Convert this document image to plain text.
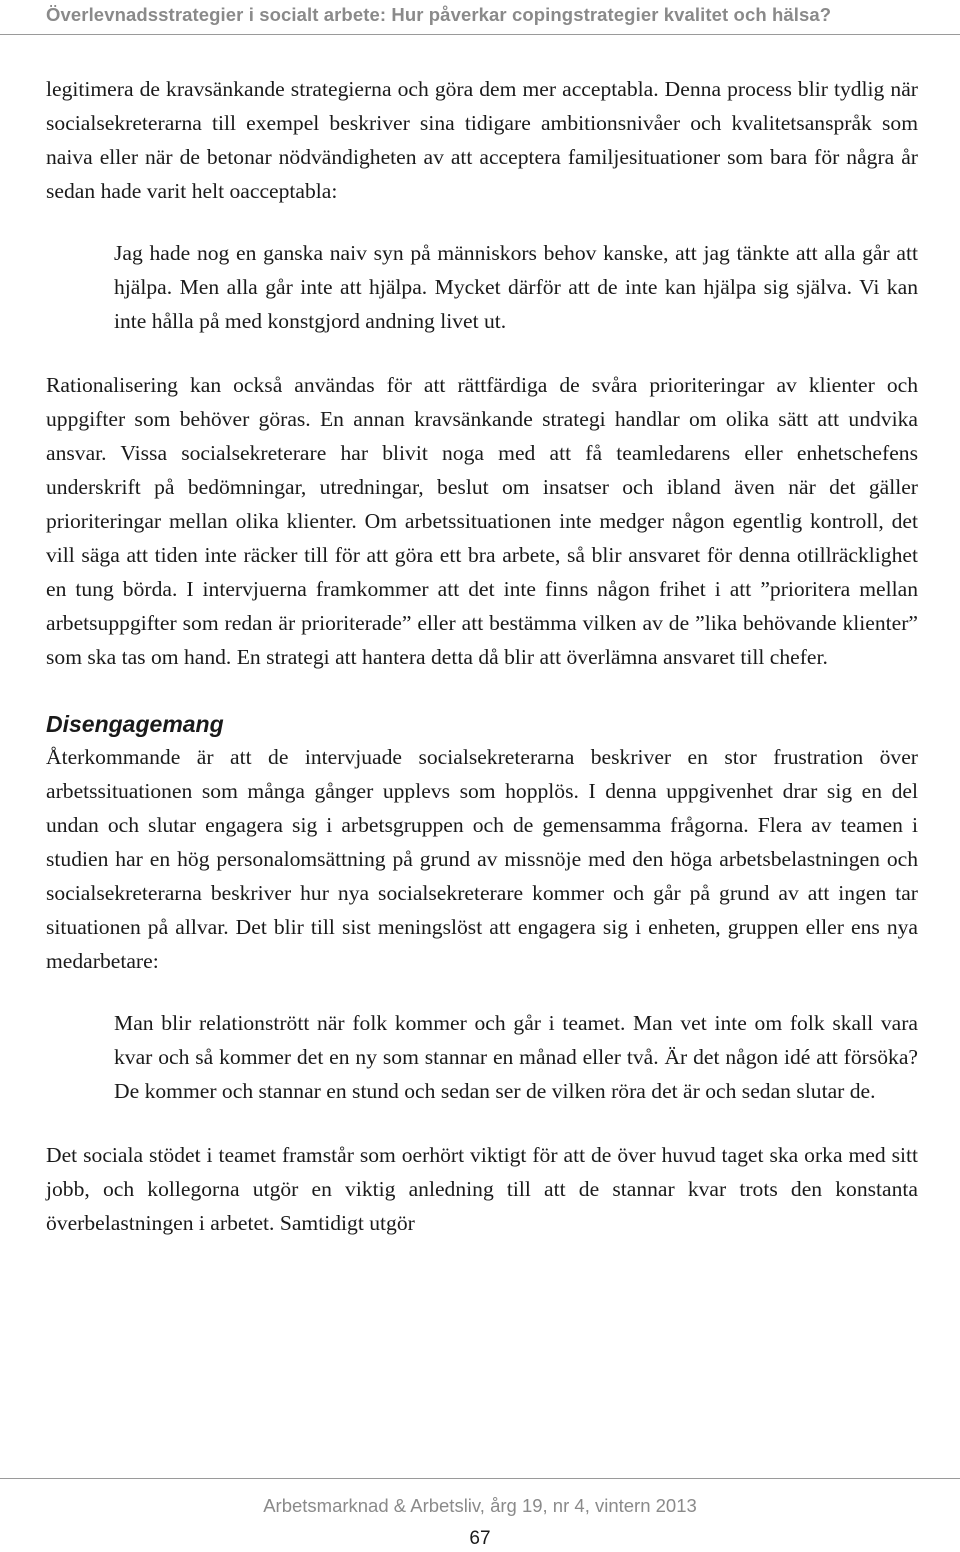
Överlevnadsstrategier i socialt arbete: Hur påverkar copingstrategier kvalitet och hälsa?

legitimera de kravsänkande strategierna och göra dem mer acceptabla. Denna process blir tydlig när socialsekreterarna till exempel beskriver sina tidigare ambitionsnivåer och kvalitetsanspråk som naiva eller när de betonar nödvändigheten av att acceptera familjesituationer som bara för några år sedan hade varit helt oacceptabla:

Jag hade nog en ganska naiv syn på människors behov kanske, att jag tänkte att alla går att hjälpa. Men alla går inte att hjälpa. Mycket därför att de inte kan hjälpa sig själva. Vi kan inte hålla på med konstgjord andning livet ut.

Rationalisering kan också användas för att rättfärdiga de svåra prioriteringar av klienter och uppgifter som behöver göras. En annan kravsänkande strategi handlar om olika sätt att undvika ansvar. Vissa socialsekreterare har blivit noga med att få teamledarens eller enhetschefens underskrift på bedömningar, utredningar, beslut om insatser och ibland även när det gäller prioriteringar mellan olika klienter. Om arbetssituationen inte medger någon egentlig kontroll, det vill säga att tiden inte räcker till för att göra ett bra arbete, så blir ansvaret för denna otillräcklighet en tung börda. I intervjuerna framkommer att det inte finns någon frihet i att ”prioritera mellan arbetsuppgifter som redan är prioriterade” eller att bestämma vilken av de ”lika behövande klienter” som ska tas om hand. En strategi att hantera detta då blir att överlämna ansvaret till chefer.

Disengagemang

Återkommande är att de intervjuade socialsekreterarna beskriver en stor frustration över arbetssituationen som många gånger upplevs som hopplös. I denna uppgivenhet drar sig en del undan och slutar engagera sig i arbetsgruppen och de gemensamma frågorna. Flera av teamen i studien har en hög personalomsättning på grund av missnöje med den höga arbetsbelastningen och socialsekreterarna beskriver hur nya socialsekreterare kommer och går på grund av att ingen tar situationen på allvar. Det blir till sist meningslöst att engagera sig i enheten, gruppen eller ens nya medarbetare:

Man blir relationstrött när folk kommer och går i teamet. Man vet inte om folk skall vara kvar och så kommer det en ny som stannar en månad eller två. Är det någon idé att försöka? De kommer och stannar en stund och sedan ser de vilken röra det är och sedan slutar de.

Det sociala stödet i teamet framstår som oerhört viktigt för att de över huvud taget ska orka med sitt jobb, och kollegorna utgör en viktig anledning till att de stannar kvar trots den konstanta överbelastningen i arbetet. Samtidigt utgör

Arbetsmarknad & Arbetsliv, årg 19, nr 4, vintern 2013
67
